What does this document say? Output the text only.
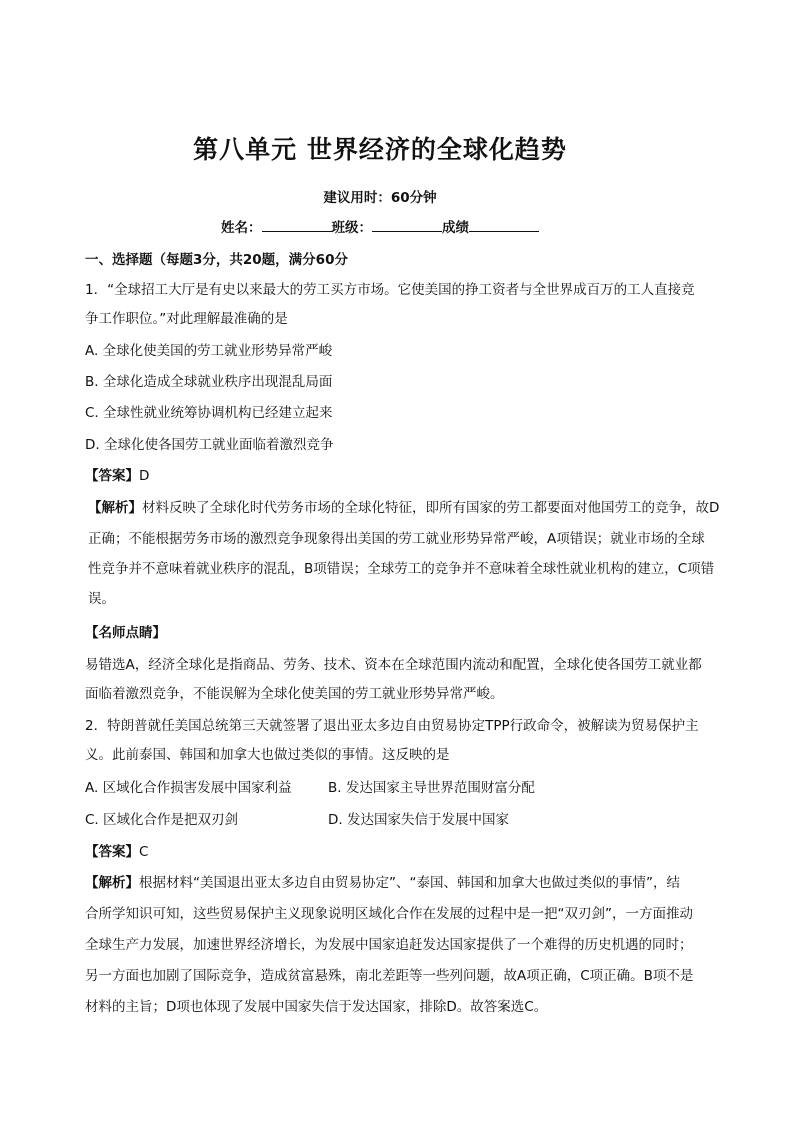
第八单元 世界经济的全球化趋势
建议用时：60分钟
姓名：	班级：	成绩
一、选择题（每题3分，共20题，满分60分
1．“全球招工大厅是有史以来最大的劳工买方市场。它使美国的挣工资者与全世界成百万的工人直接竞
争工作职位。”对此理解最准确的是
A. 全球化使美国的劳工就业形势异常严峻
B. 全球化造成全球就业秩序出现混乱局面
C. 全球性就业统筹协调机构已经建立起来
D. 全球化使各国劳工就业面临着激烈竞争
【答案】D
【解析】材料反映了全球化时代劳务市场的全球化特征，即所有国家的劳工都要面对他国劳工的竞争，故D
正确；不能根据劳务市场的激烈竞争现象得出美国的劳工就业形势异常严峻，A项错误；就业市场的全球
性竞争并不意味着就业秩序的混乱，B项错误；全球劳工的竞争并不意味着全球性就业机构的建立，C项错
误。
【名师点睛】
易错选A，经济全球化是指商品、劳务、技术、资本在全球范围内流动和配置，全球化使各国劳工就业都
面临着激烈竞争，不能误解为全球化使美国的劳工就业形势异常严峻。
2．特朗普就任美国总统第三天就签署了退出亚太多边自由贸易协定TPP行政命令，被解读为贸易保护主
义。此前泰国、韩国和加拿大也做过类似的事情。这反映的是
A. 区域化合作损害发展中国家利益	B. 发达国家主导世界范围财富分配
C. 区域化合作是把双刃剑	D. 发达国家失信于发展中国家
【答案】C
【解析】根据材料“美国退出亚太多边自由贸易协定”、“泰国、韩国和加拿大也做过类似的事情”，结
合所学知识可知，这些贸易保护主义现象说明区域化合作在发展的过程中是一把“双刃剑”，一方面推动
全球生产力发展，加速世界经济增长，为发展中国家追赶发达国家提供了一个难得的历史机遇的同时；
另一方面也加剧了国际竞争，造成贫富悬殊，南北差距等一些列问题，故A项正确，C项正确。B项不是
材料的主旨；D项也体现了发展中国家失信于发达国家，排除D。故答案选C。
